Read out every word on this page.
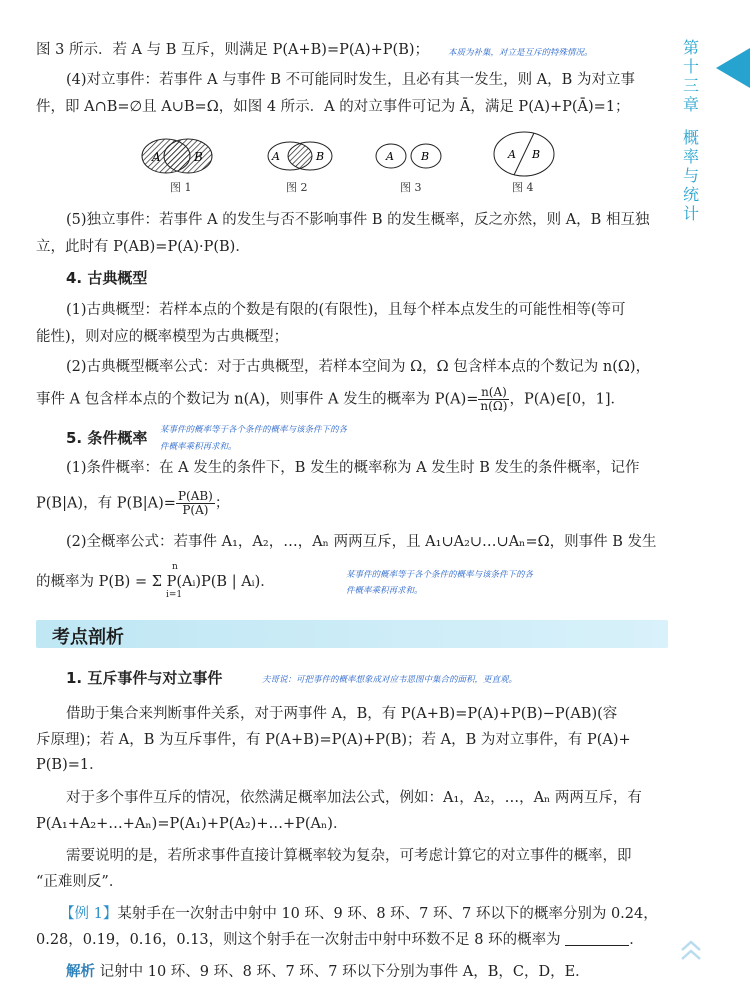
第
十
三
章
概
率
与
统
计
图 3 所示．若 A 与 B 互斥，则满足 P(A+B)=P(A)+P(B)； 本质为补集，对立是互斥的特殊情况。
(4)对立事件：若事件 A 与事件 B 不可能同时发生，且必有其一发生，则 A，B 为对立事
件，即 A∩B=∅且 A∪B=Ω，如图 4 所示．A 的对立事件可记为 Ā，满足 P(A)+P(Ā)=1；
A	B	A	B	A B	A B
图 1	图 2	图 3	图 4
(5)独立事件：若事件 A 的发生与否不影响事件 B 的发生概率，反之亦然，则 A，B 相互独
立，此时有 P(AB)=P(A)·P(B)．
4. 古典概型
(1)古典概型：若样本点的个数是有限的(有限性)，且每个样本点发生的可能性相等(等可
能性)，则对应的概率模型为古典概型；
(2)古典概型概率公式：对于古典概型，若样本空间为 Ω，Ω 包含样本点的个数记为 n(Ω)，
事件 A 包含样本点的个数记为 n(A)，则事件 A 发生的概率为 $P(A)= \frac{n(A)}{n(\Omega)}$ ，P(A)∈[0，1]．
5. 条件概率 某事件的概率等于各个条件的概率与该条件下的各
件概率乘积再求和。
(1)条件概率：在 A 发生的条件下，B 发生的概率称为 A 发生时 B 发生的条件概率，记作
P(B|A)，有 $P(B|A)= \frac{P(AB)}{P(A)}$ ；
(2)全概率公式：若事件 A₁，A₂，…，Aₙ 两两互斥，且 A₁∪A₂∪…∪Aₙ=Ω，则事件 B 发生
的概率为 P(B) = Σ P(Aᵢ)P(B | Aᵢ)．
n
i=1
某事件的概率等于各个条件的概率与该条件下的各
件概率乘积再求和。
考点剖析
1. 互斥事件与对立事件	夫哥说：可把事件的概率想象成对应韦恩图中集合的面积，更直观。
借助于集合来判断事件关系，对于两事件 A，B，有 P(A+B)=P(A)+P(B)−P(AB)(容
斥原理)；若 A，B 为互斥事件，有 P(A+B)=P(A)+P(B)；若 A，B 为对立事件，有 P(A)+
P(B)=1．
对于多个事件互斥的情况，依然满足概率加法公式，例如：A₁，A₂，…，Aₙ 两两互斥，有
P(A₁+A₂+…+Aₙ)=P(A₁)+P(A₂)+…+P(Aₙ)．
需要说明的是，若所求事件直接计算概率较为复杂，可考虑计算它的对立事件的概率，即
“正难则反”．
【例 1】某射手在一次射击中射中 10 环、9 环、8 环、7 环、7 环以下的概率分别为 0.24，
0.28，0.19，0.16，0.13，则这个射手在一次射击中射中环数不足 8 环的概率为	．
解析 记射中 10 环、9 环、8 环、7 环、7 环以下分别为事件 A，B，C，D，E．
